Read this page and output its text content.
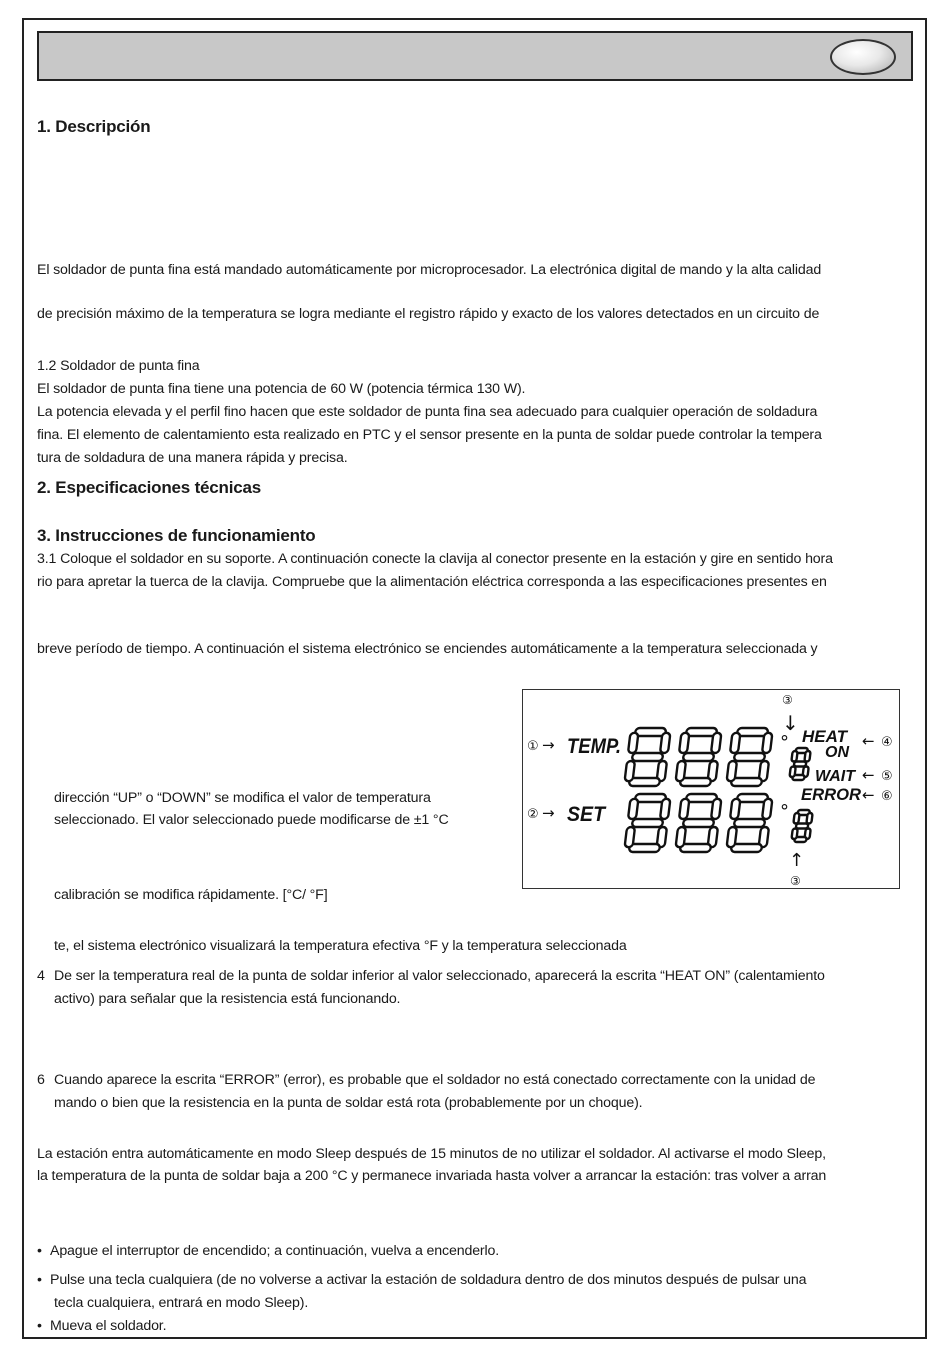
1. Descripción
El soldador de punta fina está mandado automáticamente por microprocesador. La electrónica digital de mando y la alta calidad
de precisión máximo de la temperatura se logra mediante el registro rápido y exacto de los valores detectados en un circuito de
1.2 Soldador de punta fina
El soldador de punta fina tiene una potencia de 60 W (potencia térmica 130 W).
La potencia elevada y el perfil fino hacen que este soldador de punta fina sea adecuado para cualquier operación de soldadura
fina. El elemento de calentamiento esta realizado en PTC y el sensor presente en la punta de soldar puede controlar la tempera
tura de soldadura de una manera rápida y precisa.
2. Especificaciones técnicas
3. Instrucciones de funcionamiento
3.1 Coloque el soldador en su soporte. A continuación conecte la clavija al conector presente en la estación y gire en sentido hora
rio para apretar la tuerca de la clavija. Compruebe que la alimentación eléctrica corresponda a las especificaciones presentes en
breve período de tiempo. A continuación el sistema electrónico se enciendes automáticamente a la temperatura seleccionada y
dirección “UP” o “DOWN” se modifica el valor de temperatura
seleccionado. El valor seleccionado puede modificarse de ±1 °C
calibración se modifica rápidamente. [°C/ °F]
te, el sistema electrónico visualizará la temperatura efectiva °F y la temperatura seleccionada
4 De ser la temperatura real de la punta de soldar inferior al valor seleccionado, aparecerá la escrita “HEAT ON” (calentamiento
activo) para señalar que la resistencia está funcionando.
6 Cuando aparece la escrita “ERROR” (error), es probable que el soldador no está conectado correctamente con la unidad de
mando o bien que la resistencia en la punta de soldar está rota (probablemente por un choque).
La estación entra automáticamente en modo Sleep después de 15 minutos de no utilizar el soldador. Al activarse el modo Sleep,
la temperatura de la punta de soldar baja a 200 °C y permanece invariada hasta volver a arrancar la estación: tras volver a arran
• Apague el interruptor de encendido; a continuación, vuelva a encenderlo.
• Pulse una tecla cualquiera (de no volverse a activar la estación de soldadura dentro de dos minutos después de pulsar una
tecla cualquiera, entrará en modo Sleep).
• Mueva el soldador.
① → TEMP.
② → SET
°
°
③
↓
HEAT
ON
WAIT
ERROR
← ④
← ⑤
← ⑥
↑
③
